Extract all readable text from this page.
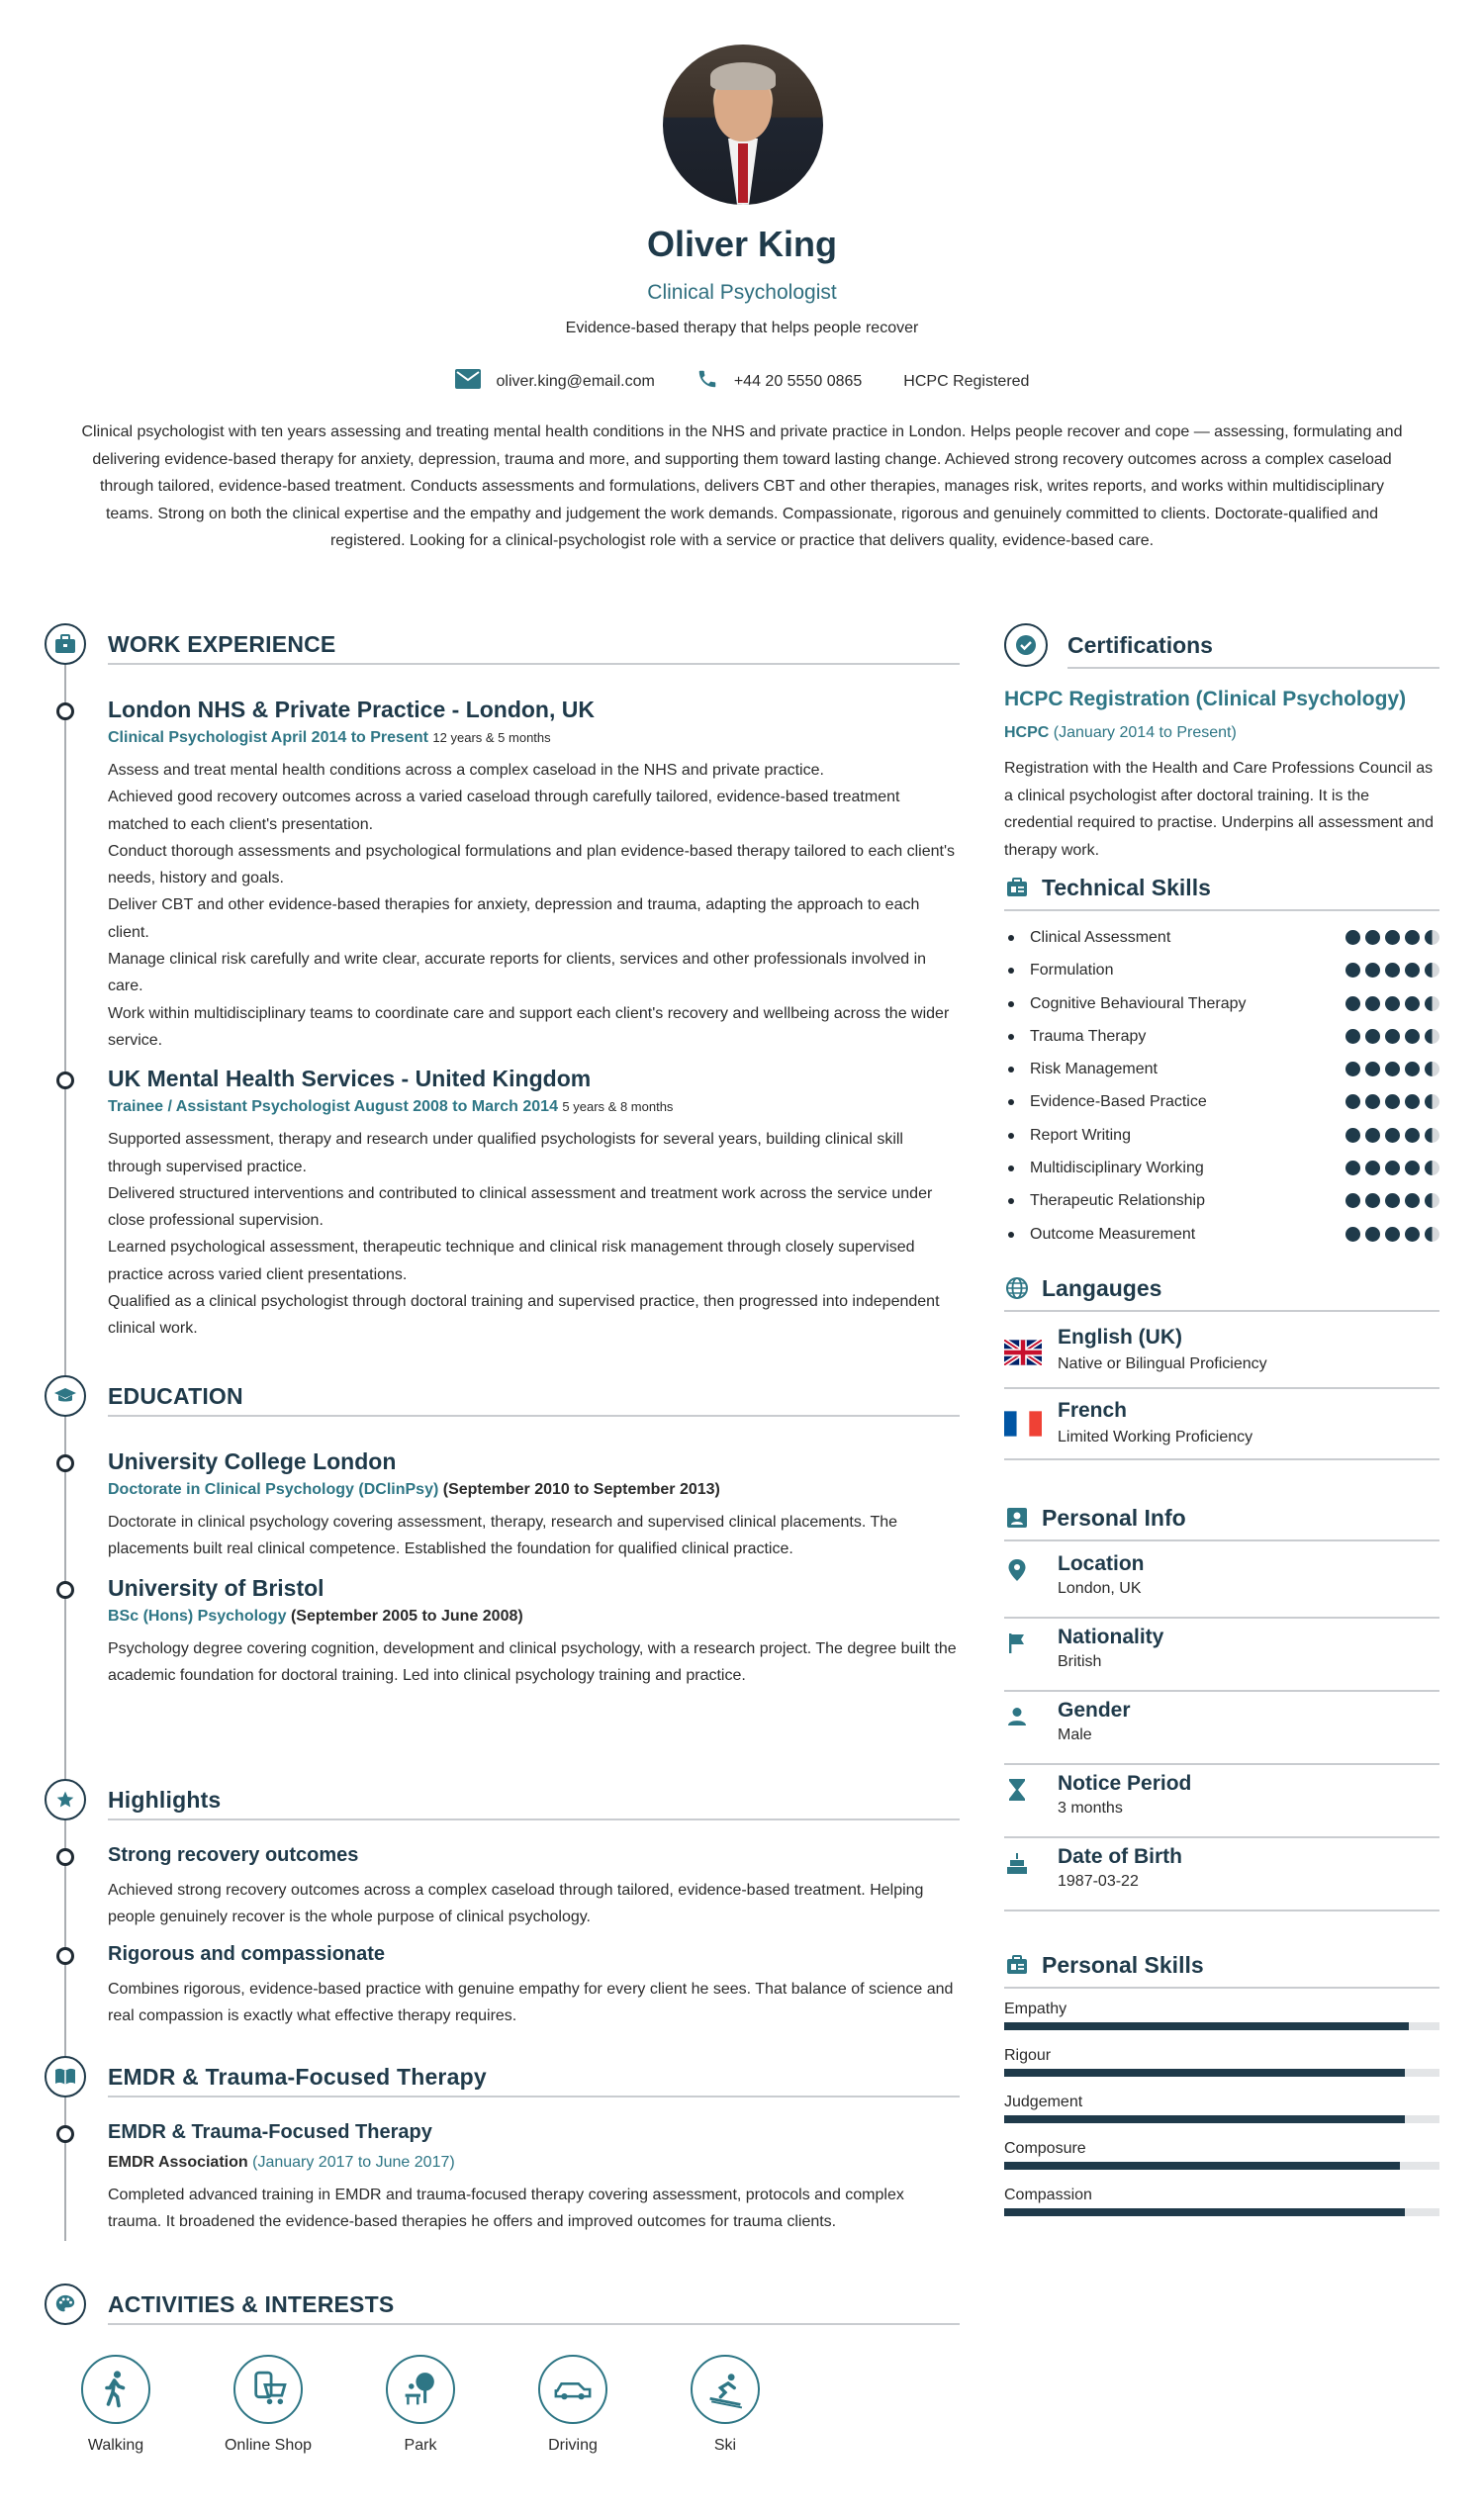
Oliver King
Clinical Psychologist
Evidence-based therapy that helps people recover
oliver.king@email.com	+44 20 5550 0865	HCPC Registered
Clinical psychologist with ten years assessing and treating mental health conditions in the NHS and private practice in London. Helps people recover and cope — assessing, formulating and delivering evidence-based therapy for anxiety, depression, trauma and more, and supporting them toward lasting change. Achieved strong recovery outcomes across a complex caseload through tailored, evidence-based treatment. Conducts assessments and formulations, delivers CBT and other therapies, manages risk, writes reports, and works within multidisciplinary teams. Strong on both the clinical expertise and the empathy and judgement the work demands. Compassionate, rigorous and genuinely committed to clients. Doctorate-qualified and registered. Looking for a clinical-psychologist role with a service or practice that delivers quality, evidence-based care.
WORK EXPERIENCE
London NHS & Private Practice - London, UK
Clinical Psychologist April 2014 to Present 12 years & 5 months
Assess and treat mental health conditions across a complex caseload in the NHS and private practice.
Achieved good recovery outcomes across a varied caseload through carefully tailored, evidence-based treatment matched to each client's presentation.
Conduct thorough assessments and psychological formulations and plan evidence-based therapy tailored to each client's needs, history and goals.
Deliver CBT and other evidence-based therapies for anxiety, depression and trauma, adapting the approach to each client.
Manage clinical risk carefully and write clear, accurate reports for clients, services and other professionals involved in care.
Work within multidisciplinary teams to coordinate care and support each client's recovery and wellbeing across the wider service.
UK Mental Health Services - United Kingdom
Trainee / Assistant Psychologist August 2008 to March 2014 5 years & 8 months
Supported assessment, therapy and research under qualified psychologists for several years, building clinical skill through supervised practice.
Delivered structured interventions and contributed to clinical assessment and treatment work across the service under close professional supervision.
Learned psychological assessment, therapeutic technique and clinical risk management through closely supervised practice across varied client presentations.
Qualified as a clinical psychologist through doctoral training and supervised practice, then progressed into independent clinical work.
EDUCATION
University College London
Doctorate in Clinical Psychology (DClinPsy) (September 2010 to September 2013)
Doctorate in clinical psychology covering assessment, therapy, research and supervised clinical placements. The placements built real clinical competence. Established the foundation for qualified clinical practice.
University of Bristol
BSc (Hons) Psychology (September 2005 to June 2008)
Psychology degree covering cognition, development and clinical psychology, with a research project. The degree built the academic foundation for doctoral training. Led into clinical psychology training and practice.
Highlights
Strong recovery outcomes
Achieved strong recovery outcomes across a complex caseload through tailored, evidence-based treatment. Helping people genuinely recover is the whole purpose of clinical psychology.
Rigorous and compassionate
Combines rigorous, evidence-based practice with genuine empathy for every client he sees. That balance of science and real compassion is exactly what effective therapy requires.
EMDR & Trauma-Focused Therapy
EMDR & Trauma-Focused Therapy
EMDR Association (January 2017 to June 2017)
Completed advanced training in EMDR and trauma-focused therapy covering assessment, protocols and complex trauma. It broadened the evidence-based therapies he offers and improved outcomes for trauma clients.
ACTIVITIES & INTERESTS
Walking	Online Shop	Park	Driving	Ski
Certifications
HCPC Registration (Clinical Psychology)
HCPC (January 2014 to Present)
Registration with the Health and Care Professions Council as a clinical psychologist after doctoral training. It is the credential required to practise. Underpins all assessment and therapy work.
Technical Skills
Clinical Assessment
Formulation
Cognitive Behavioural Therapy
Trauma Therapy
Risk Management
Evidence-Based Practice
Report Writing
Multidisciplinary Working
Therapeutic Relationship
Outcome Measurement
Langauges
English (UK)
Native or Bilingual Proficiency
French
Limited Working Proficiency
Personal Info
Location
London, UK
Nationality
British
Gender
Male
Notice Period
3 months
Date of Birth
1987-03-22
Personal Skills
Empathy
Rigour
Judgement
Composure
Compassion
